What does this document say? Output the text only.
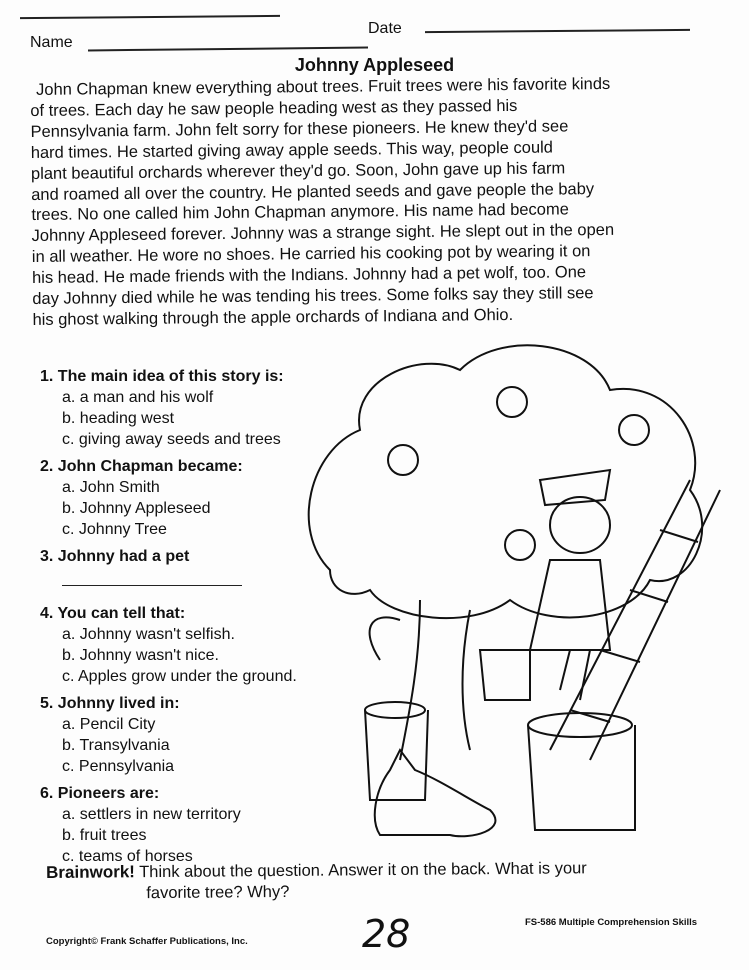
Name
Date
Johnny Appleseed
John Chapman knew everything about trees. Fruit trees were his favorite kinds
of trees. Each day he saw people heading west as they passed his
Pennsylvania farm. John felt sorry for these pioneers. He knew they'd see
hard times. He started giving away apple seeds. This way, people could
plant beautiful orchards wherever they'd go. Soon, John gave up his farm
and roamed all over the country. He planted seeds and gave people the baby
trees. No one called him John Chapman anymore. His name had become
Johnny Appleseed forever. Johnny was a strange sight. He slept out in the open
in all weather. He wore no shoes. He carried his cooking pot by wearing it on
his head. He made friends with the Indians. Johnny had a pet wolf, too. One
day Johnny died while he was tending his trees. Some folks say they still see
his ghost walking through the apple orchards of Indiana and Ohio.
1. The main idea of this story is:
a. a man and his wolf
b. heading west
c. giving away seeds and trees
2. John Chapman became:
a. John Smith
b. Johnny Appleseed
c. Johnny Tree
3. Johnny had a pet
4. You can tell that:
a. Johnny wasn't selfish.
b. Johnny wasn't nice.
c. Apples grow under the ground.
5. Johnny lived in:
a. Pencil City
b. Transylvania
c. Pennsylvania
6. Pioneers are:
a. settlers in new territory
b. fruit trees
c. teams of horses
Brainwork! Think about the question. Answer it on the back. What is your
favorite tree? Why?
Copyright© Frank Schaffer Publications, Inc.	28	FS-586 Multiple Comprehension Skills
